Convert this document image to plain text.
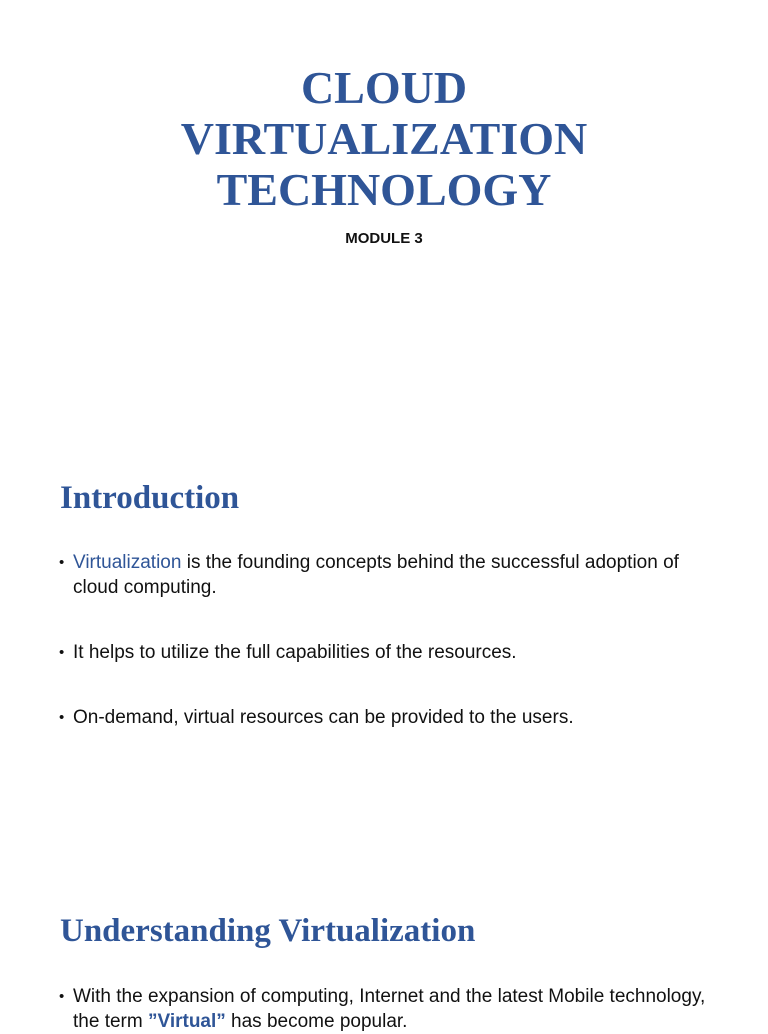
CLOUD
VIRTUALIZATION
TECHNOLOGY
MODULE 3
Introduction
• Virtualization is the founding concepts behind the successful adoption of cloud computing.
• It helps to utilize the full capabilities of the resources.
• On-demand, virtual resources can be provided to the users.
Understanding Virtualization
• With the expansion of computing, Internet and the latest Mobile technology, the term ”Virtual” has become popular.
